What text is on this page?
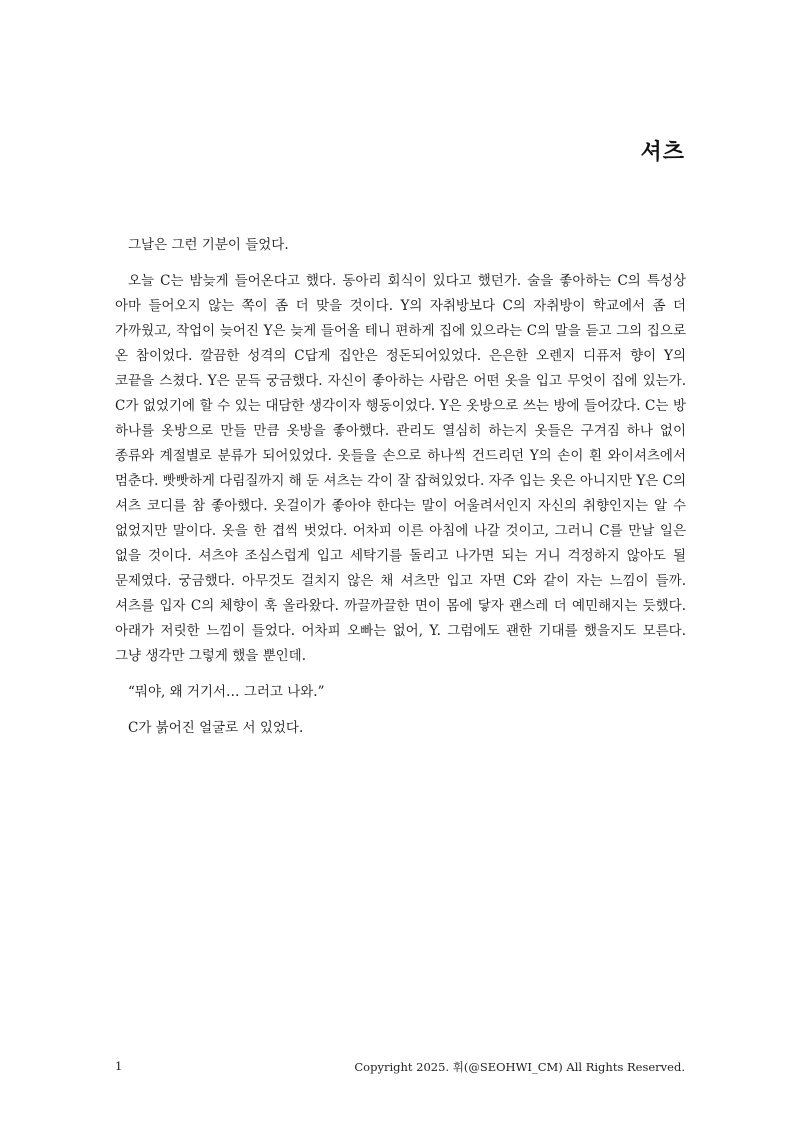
셔츠

그날은 그런 기분이 들었다.

오늘 C는 밤늦게 들어온다고 했다. 동아리 회식이 있다고 했던가. 술을 좋아하는 C의 특성상 아마 들어오지 않는 쪽이 좀 더 맞을 것이다. Y의 자취방보다 C의 자취방이 학교에서 좀 더 가까웠고, 작업이 늦어진 Y은 늦게 들어올 테니 편하게 집에 있으라는 C의 말을 듣고 그의 집으로 온 참이었다. 깔끔한 성격의 C답게 집안은 정돈되어있었다. 은은한 오렌지 디퓨저 향이 Y의 코끝을 스쳤다. Y은 문득 궁금했다. 자신이 좋아하는 사람은 어떤 옷을 입고 무엇이 집에 있는가. C가 없었기에 할 수 있는 대담한 생각이자 행동이었다. Y은 옷방으로 쓰는 방에 들어갔다. C는 방 하나를 옷방으로 만들 만큼 옷방을 좋아했다. 관리도 열심히 하는지 옷들은 구겨짐 하나 없이 종류와 계절별로 분류가 되어있었다. 옷들을 손으로 하나씩 건드리던 Y의 손이 흰 와이셔츠에서 멈춘다. 빳빳하게 다림질까지 해 둔 셔츠는 각이 잘 잡혀있었다. 자주 입는 옷은 아니지만 Y은 C의 셔츠 코디를 참 좋아했다. 옷걸이가 좋아야 한다는 말이 어울려서인지 자신의 취향인지는 알 수 없었지만 말이다. 옷을 한 겹씩 벗었다. 어차피 이른 아침에 나갈 것이고, 그러니 C를 만날 일은 없을 것이다. 셔츠야 조심스럽게 입고 세탁기를 돌리고 나가면 되는 거니 걱정하지 않아도 될 문제였다. 궁금했다. 아무것도 걸치지 않은 채 셔츠만 입고 자면 C와 같이 자는 느낌이 들까. 셔츠를 입자 C의 체향이 훅 올라왔다. 까끌까끌한 면이 몸에 닿자 괜스레 더 예민해지는 듯했다. 아래가 저릿한 느낌이 들었다. 어차피 오빠는 없어, Y. 그럼에도 괜한 기대를 했을지도 모른다. 그냥 생각만 그렇게 했을 뿐인데.

“뭐야, 왜 거기서… 그러고 나와.”

C가 붉어진 얼굴로 서 있었다.

1	Copyright 2025. 휘(@SEOHWI_CM) All Rights Reserved.
